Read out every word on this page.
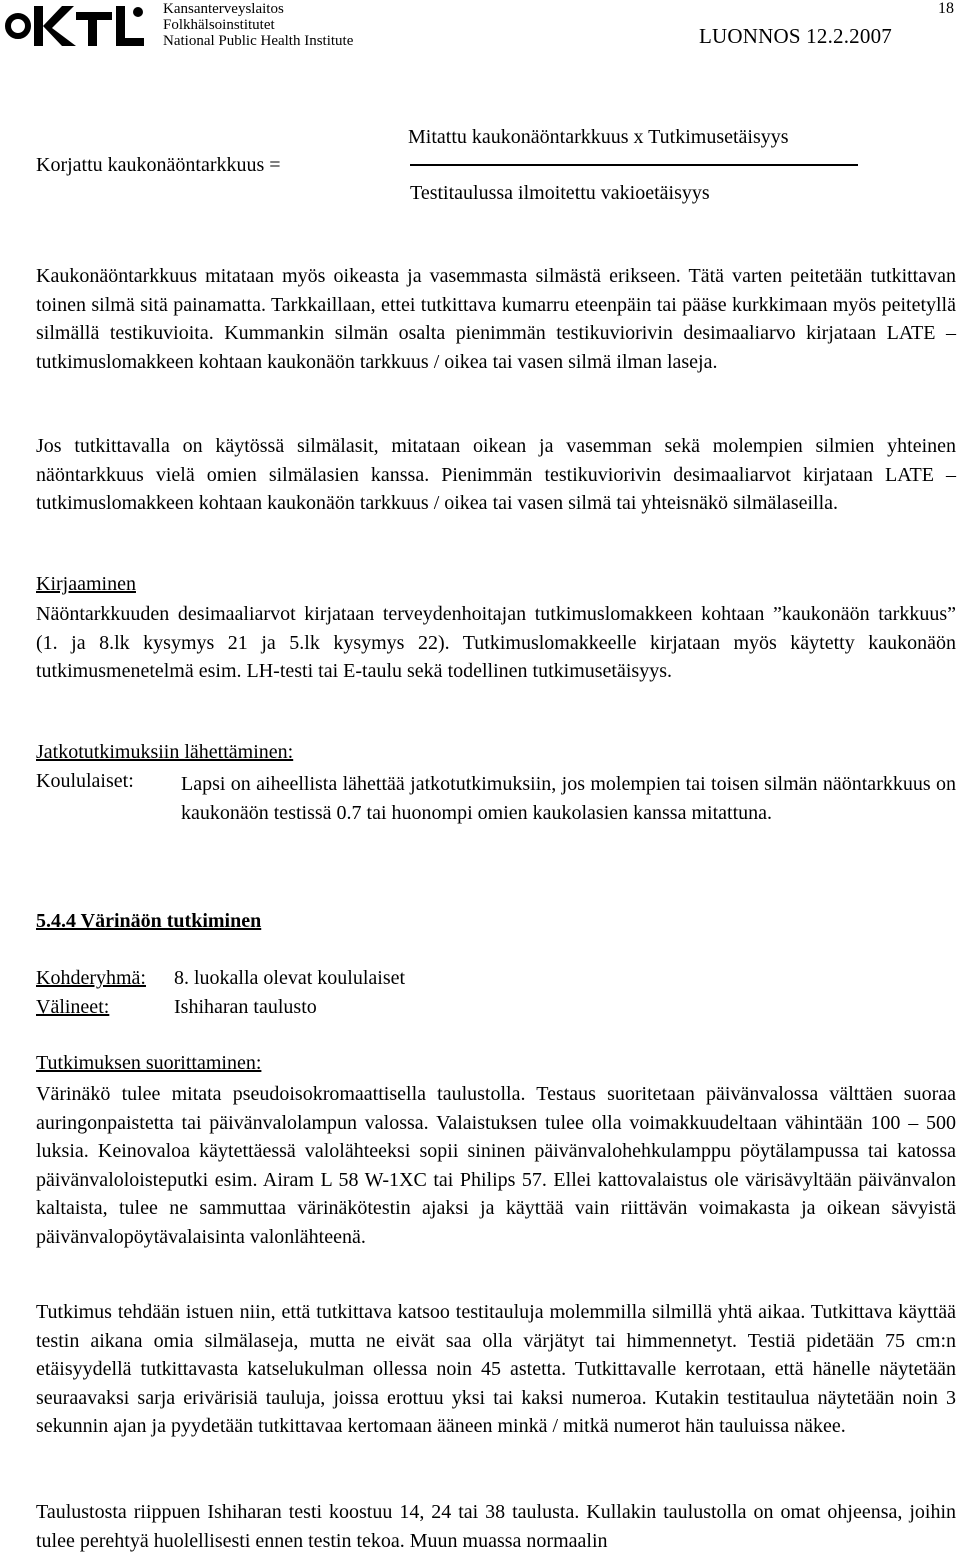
Kansanterveyslaitos
Folkhälsoinstitutet
National Public Health Institute	LUONNOS 12.2.2007
18
Korjattu kaukonäöntarkkuus =
Mitattu kaukonäöntarkkuus x Tutkimusetäisyys
Testitaulussa ilmoitettu vakioetäisyys

Kaukonäöntarkkuus mitataan myös oikeasta ja vasemmasta silmästä erikseen. Tätä varten peitetään tutkittavan toinen silmä sitä painamatta. Tarkkaillaan, ettei tutkittava kumarru eteenpäin tai pääse kurkkimaan myös peitetyllä silmällä testikuvioita. Kummankin silmän osalta pienimmän testikuviorivin desimaaliarvo kirjataan LATE –tutkimuslomakkeen kohtaan kaukonäön tarkkuus / oikea tai vasen silmä ilman laseja.

Jos tutkittavalla on käytössä silmälasit, mitataan oikean ja vasemman sekä molempien silmien yhteinen näöntarkkuus vielä omien silmälasien kanssa. Pienimmän testikuviorivin desimaaliarvot kirjataan LATE –tutkimuslomakkeen kohtaan kaukonäön tarkkuus / oikea tai vasen silmä tai yhteisnäkö silmälaseilla.

Kirjaaminen

Näöntarkkuuden desimaaliarvot kirjataan terveydenhoitajan tutkimuslomakkeen kohtaan ”kaukonäön tarkkuus” (1. ja 8.lk kysymys 21 ja 5.lk kysymys 22). Tutkimuslomakkeelle kirjataan myös käytetty kaukonäön tutkimusmenetelmä esim. LH-testi tai E-taulu sekä todellinen tutkimusetäisyys.

Jatkotutkimuksiin lähettäminen:
Koululaiset: Lapsi on aiheellista lähettää jatkotutkimuksiin, jos molempien tai toisen silmän näöntarkkuus on kaukonäön testissä 0.7 tai huonompi omien kaukolasien kanssa mitattuna.
5.4.4 Värinäön tutkiminen
Kohderyhmä: 8. luokalla olevat koululaiset
Välineet:	Ishiharan taulusto
Tutkimuksen suorittaminen:

Värinäkö tulee mitata pseudoisokromaattisella taulustolla. Testaus suoritetaan päivänvalossa välttäen suoraa auringonpaistetta tai päivänvalolampun valossa. Valaistuksen tulee olla voimakkuudeltaan vähintään 100 – 500 luksia. Keinovaloa käytettäessä valolähteeksi sopii sininen päivänvalohehkulamppu pöytälampussa tai katossa päivänvaloloisteputki esim. Airam L 58 W-1XC tai Philips 57. Ellei kattovalaistus ole värisävyltään päivänvalon kaltaista, tulee ne sammuttaa värinäkötestin ajaksi ja käyttää vain riittävän voimakasta ja oikean sävyistä päivänvalopöytävalaisinta valonlähteenä.

Tutkimus tehdään istuen niin, että tutkittava katsoo testitauluja molemmilla silmillä yhtä aikaa. Tutkittava käyttää testin aikana omia silmälaseja, mutta ne eivät saa olla värjätyt tai himmennetyt. Testiä pidetään 75 cm:n etäisyydellä tutkittavasta katselukulman ollessa noin 45 astetta. Tutkittavalle kerrotaan, että hänelle näytetään seuraavaksi sarja erivärisiä tauluja, joissa erottuu yksi tai kaksi numeroa. Kutakin testitaulua näytetään noin 3 sekunnin ajan ja pyydetään tutkittavaa kertomaan ääneen minkä / mitkä numerot hän tauluissa näkee.

Taulustosta riippuen Ishiharan testi koostuu 14, 24 tai 38 taulusta. Kullakin taulustolla on omat ohjeensa, joihin tulee perehtyä huolellisesti ennen testin tekoa. Muun muassa normaalin
